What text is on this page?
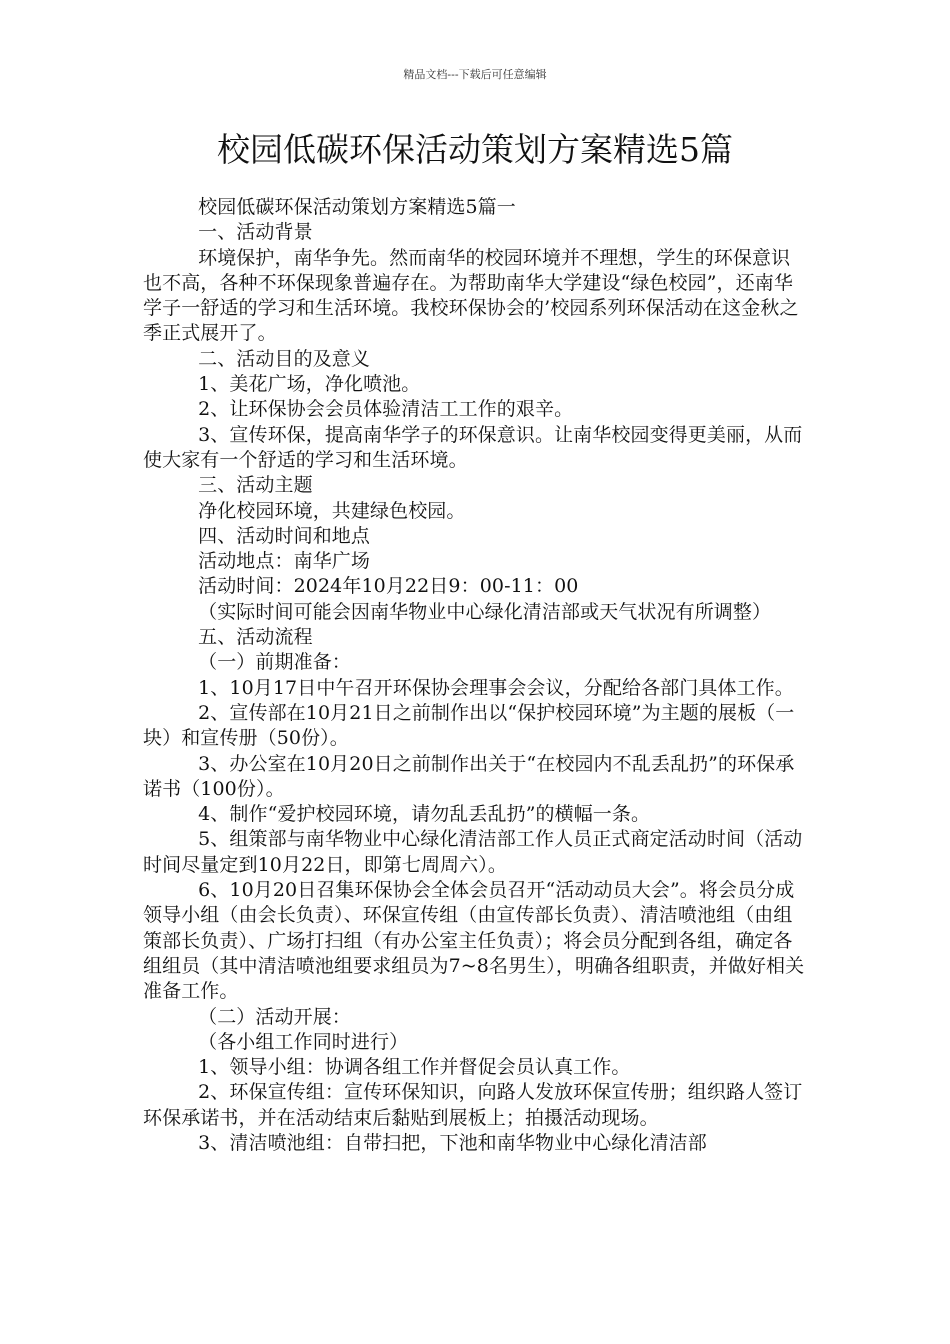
精品文档---下载后可任意编辑
校园低碳环保活动策划方案精选5篇

校园低碳环保活动策划方案精选5篇一

一、活动背景

环境保护，南华争先。然而南华的校园环境并不理想，学生的环保意识也不高，各种不环保现象普遍存在。为帮助南华大学建设“绿色校园”，还南华学子一舒适的学习和生活环境。我校环保协会的’校园系列环保活动在这金秋之季正式展开了。

二、活动目的及意义

1、美花广场，净化喷池。

2、让环保协会会员体验清洁工工作的艰辛。

3、宣传环保，提高南华学子的环保意识。让南华校园变得更美丽，从而使大家有一个舒适的学习和生活环境。

三、活动主题

净化校园环境，共建绿色校园。

四、活动时间和地点

活动地点：南华广场

活动时间：2024年10月22日9：00-11：00

（实际时间可能会因南华物业中心绿化清洁部或天气状况有所调整）

五、活动流程

（一）前期准备：

1、10月17日中午召开环保协会理事会会议，分配给各部门具体工作。

2、宣传部在10月21日之前制作出以“保护校园环境”为主题的展板（一块）和宣传册（50份）。

3、办公室在10月20日之前制作出关于“在校园内不乱丢乱扔”的环保承诺书（100份）。

4、制作“爱护校园环境，请勿乱丢乱扔”的横幅一条。

5、组策部与南华物业中心绿化清洁部工作人员正式商定活动时间（活动时间尽量定到10月22日，即第七周周六）。

6、10月20日召集环保协会全体会员召开“活动动员大会”。将会员分成领导小组（由会长负责）、环保宣传组（由宣传部长负责）、清洁喷池组（由组策部长负责）、广场打扫组（有办公室主任负责）；将会员分配到各组，确定各组组员（其中清洁喷池组要求组员为7~8名男生），明确各组职责，并做好相关准备工作。

（二）活动开展：

（各小组工作同时进行）

1、领导小组：协调各组工作并督促会员认真工作。

2、环保宣传组：宣传环保知识，向路人发放环保宣传册；组织路人签订环保承诺书，并在活动结束后黏贴到展板上；拍摄活动现场。

3、清洁喷池组：自带扫把，下池和南华物业中心绿化清洁部
